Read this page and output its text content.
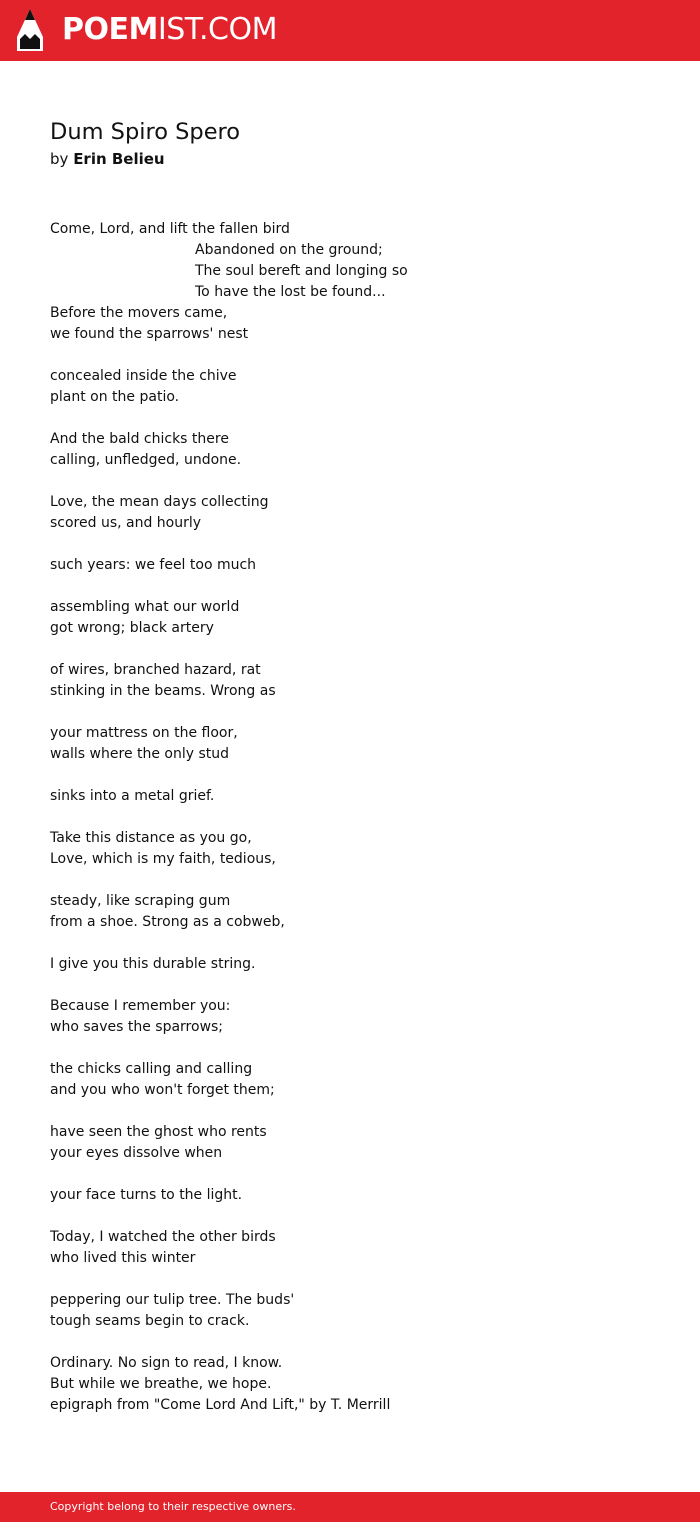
POEMIST.COM
Dum Spiro Spero
by Erin Belieu
Come, Lord, and lift the fallen bird
Abandoned on the ground;
The soul bereft and longing so
To have the lost be found...
Before the movers came,
we found the sparrows' nest
concealed inside the chive
plant on the patio.
And the bald chicks there
calling, unfledged, undone.
Love, the mean days collecting
scored us, and hourly
such years: we feel too much
assembling what our world
got wrong; black artery
of wires, branched hazard, rat
stinking in the beams. Wrong as
your mattress on the floor,
walls where the only stud
sinks into a metal grief.
Take this distance as you go,
Love, which is my faith, tedious,
steady, like scraping gum
from a shoe. Strong as a cobweb,
I give you this durable string.
Because I remember you:
who saves the sparrows;
the chicks calling and calling
and you who won't forget them;
have seen the ghost who rents
your eyes dissolve when
your face turns to the light.
Today, I watched the other birds
who lived this winter
peppering our tulip tree. The buds'
tough seams begin to crack.
Ordinary. No sign to read, I know.
But while we breathe, we hope.
epigraph from "Come Lord And Lift," by T. Merrill
Copyright belong to their respective owners.
